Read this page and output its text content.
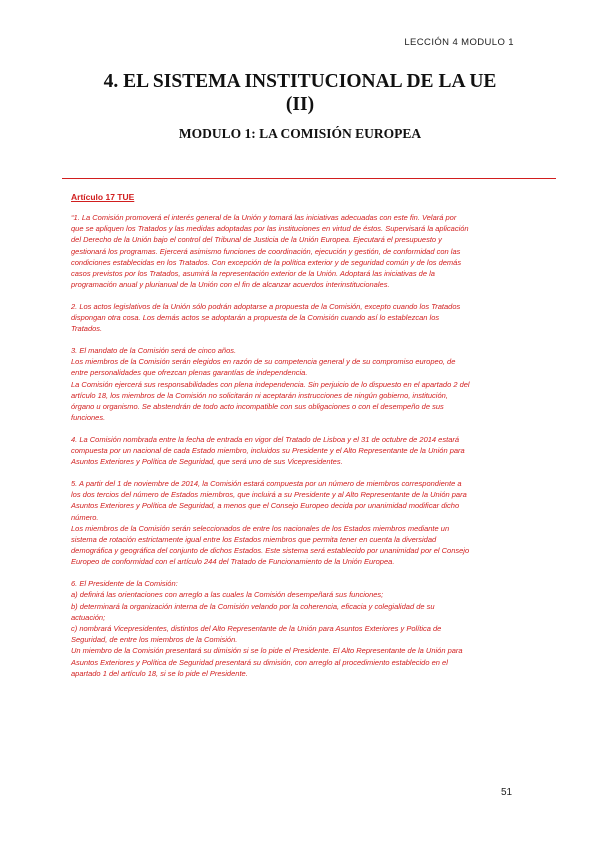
LECCIÓN 4 MODULO 1
4. EL SISTEMA INSTITUCIONAL DE LA UE
(II)
MODULO 1: LA COMISIÓN EUROPEA
Artículo 17 TUE
“1. La Comisión promoverá el interés general de la Unión y tomará las iniciativas adecuadas con este fin. Velará por
que se apliquen los Tratados y las medidas adoptadas por las instituciones en virtud de éstos. Supervisará la aplicación
del Derecho de la Unión bajo el control del Tribunal de Justicia de la Unión Europea. Ejecutará el presupuesto y
gestionará los programas. Ejercerá asimismo funciones de coordinación, ejecución y gestión, de conformidad con las
condiciones establecidas en los Tratados. Con excepción de la política exterior y de seguridad común y de los demás
casos previstos por los Tratados, asumirá la representación exterior de la Unión. Adoptará las iniciativas de la
programación anual y plurianual de la Unión con el fin de alcanzar acuerdos interinstitucionales.
2. Los actos legislativos de la Unión sólo podrán adoptarse a propuesta de la Comisión, excepto cuando los Tratados
dispongan otra cosa. Los demás actos se adoptarán a propuesta de la Comisión cuando así lo establezcan los
Tratados.
3. El mandato de la Comisión será de cinco años.
Los miembros de la Comisión serán elegidos en razón de su competencia general y de su compromiso europeo, de
entre personalidades que ofrezcan plenas garantías de independencia.
La Comisión ejercerá sus responsabilidades con plena independencia. Sin perjuicio de lo dispuesto en el apartado 2 del
artículo 18, los miembros de la Comisión no solicitarán ni aceptarán instrucciones de ningún gobierno, institución,
órgano u organismo. Se abstendrán de todo acto incompatible con sus obligaciones o con el desempeño de sus
funciones.
4. La Comisión nombrada entre la fecha de entrada en vigor del Tratado de Lisboa y el 31 de octubre de 2014 estará
compuesta por un nacional de cada Estado miembro, incluidos su Presidente y el Alto Representante de la Unión para
Asuntos Exteriores y Política de Seguridad, que será uno de sus Vicepresidentes.
5. A partir del 1 de noviembre de 2014, la Comisión estará compuesta por un número de miembros correspondiente a
los dos tercios del número de Estados miembros, que incluirá a su Presidente y al Alto Representante de la Unión para
Asuntos Exteriores y Política de Seguridad, a menos que el Consejo Europeo decida por unanimidad modificar dicho
número.
Los miembros de la Comisión serán seleccionados de entre los nacionales de los Estados miembros mediante un
sistema de rotación estrictamente igual entre los Estados miembros que permita tener en cuenta la diversidad
demográfica y geográfica del conjunto de dichos Estados. Este sistema será establecido por unanimidad por el Consejo
Europeo de conformidad con el artículo 244 del Tratado de Funcionamiento de la Unión Europea.
6. El Presidente de la Comisión:
a) definirá las orientaciones con arreglo a las cuales la Comisión desempeñará sus funciones;
b) determinará la organización interna de la Comisión velando por la coherencia, eficacia y colegialidad de su
actuación;
c) nombrará Vicepresidentes, distintos del Alto Representante de la Unión para Asuntos Exteriores y Política de
Seguridad, de entre los miembros de la Comisión.
Un miembro de la Comisión presentará su dimisión si se lo pide el Presidente. El Alto Representante de la Unión para
Asuntos Exteriores y Política de Seguridad presentará su dimisión, con arreglo al procedimiento establecido en el
apartado 1 del artículo 18, si se lo pide el Presidente.
51
